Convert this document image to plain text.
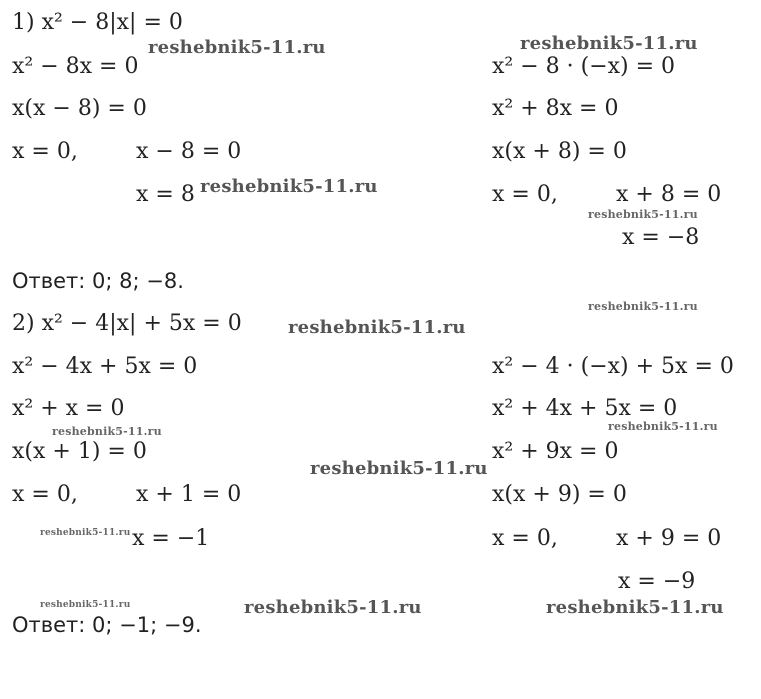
1) x² − 8|x| = 0
x² − 8x = 0
x(x − 8) = 0
x = 0,	x − 8 = 0
x = 8
x² − 8 · (−x) = 0
x² + 8x = 0
x(x + 8) = 0
x = 0,	x + 8 = 0
x = −8
Ответ: 0; 8; −8.
2) x² − 4|x| + 5x = 0
x² − 4x + 5x = 0
x² + x = 0
x(x + 1) = 0
x = 0,	x + 1 = 0
x = −1
x² − 4 · (−x) + 5x = 0
x² + 4x + 5x = 0
x² + 9x = 0
x(x + 9) = 0
x = 0,	x + 9 = 0
x = −9
Ответ: 0; −1; −9.
reshebnik5-11.ru	reshebnik5-11.ru
reshebnik5-11.ru
reshebnik5-11.ru
reshebnik5-11.ru
reshebnik5-11.ru
reshebnik5-11.ru
reshebnik5-11.ru
reshebnik5-11.ru
reshebnik5-11.ru
reshebnik5-11.ru	reshebnik5-11.ru	reshebnik5-11.ru
